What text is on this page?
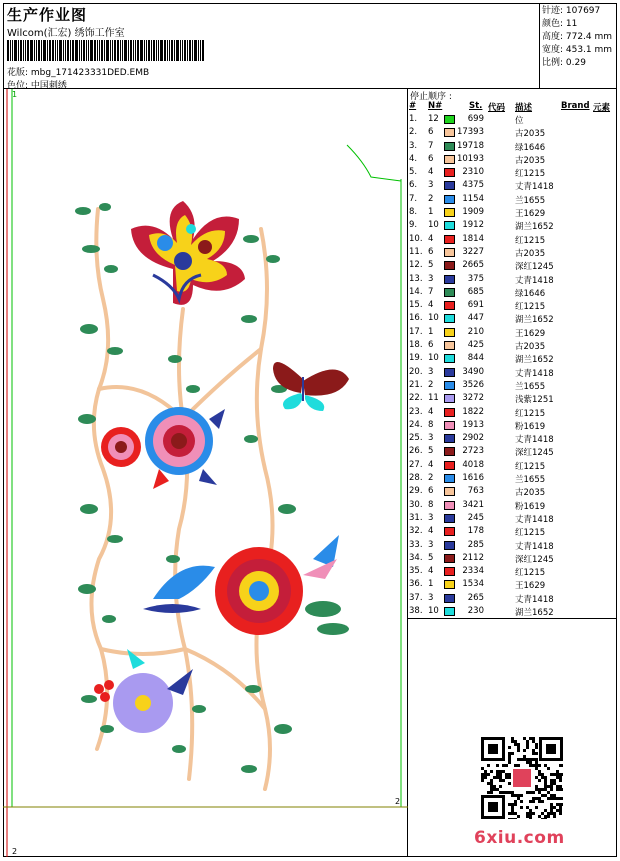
生产作业图
Wilcom(汇宏) 绣饰工作室
花版: mbg_171423331DED.EMB
色位: 中国刺绣
针迹: 107697
颜色: 11
高度: 772.4 mm
宽度: 453.1 mm
比例: 0.29
1
2
2
停止顺序 :
# N#	St. 代码 描述	Brand 元素
1. 12	699	位
2. 6	17393	古2035
3. 7	19718	绿1646
4. 6	10193	古2035
5. 4	2310	红1215
6. 3	4375	丈青1418
7. 2	1154	兰1655
8. 1	1909	王1629
9. 10	1912	湖兰1652
10. 4	1814	红1215
11. 6	3227	古2035
12. 5	2665	深红1245
13. 3	375	丈青1418
14. 7	685	绿1646
15. 4	691	红1215
16. 10	447	湖兰1652
17. 1	210	王1629
18. 6	425	古2035
19. 10	844	湖兰1652
20. 3	3490	丈青1418
21. 2	3526	兰1655
22. 11	3272	浅紫1251
23. 4	1822	红1215
24. 8	1913	粉1619
25. 3	2902	丈青1418
26. 5	2723	深红1245
27. 4	4018	红1215
28. 2	1616	兰1655
29. 6	763	古2035
30. 8	3421	粉1619
31. 3	245	丈青1418
32. 4	178	红1215
33. 3	285	丈青1418
34. 5	2112	深红1245
35. 4	2334	红1215
36. 1	1534	王1629
37. 3	265	丈青1418
38. 10	230	湖兰1652
6xiu.com
